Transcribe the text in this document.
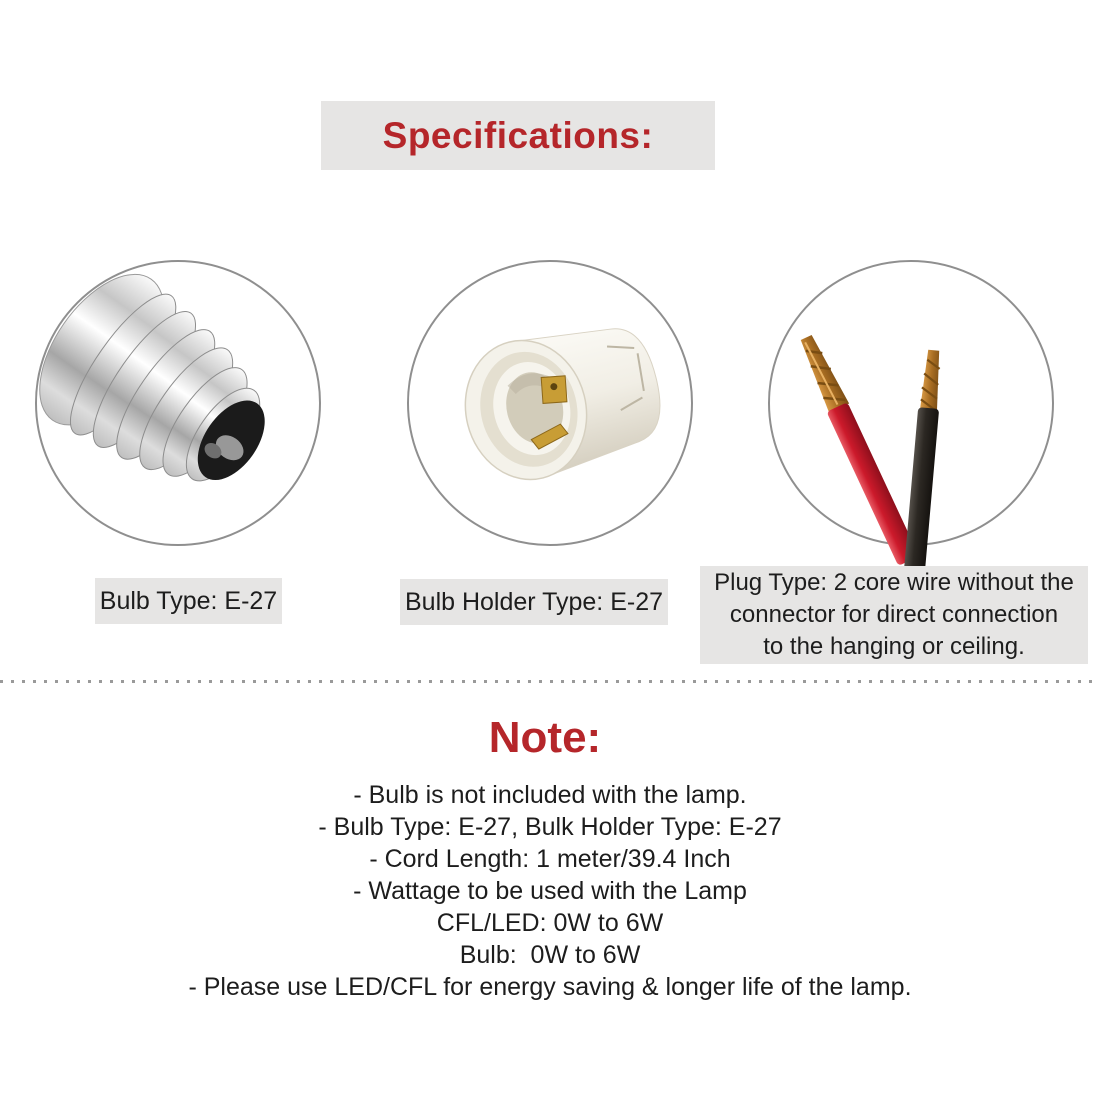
Specifications:
Bulb Type: E-27	Bulb Holder Type: E-27
Plug Type: 2 core wire without the
connector for direct connection
to the hanging or ceiling.
Note:
- Bulb is not included with the lamp.
- Bulb Type: E-27, Bulk Holder Type: E-27
- Cord Length: 1 meter/39.4 Inch
- Wattage to be used with the Lamp
CFL/LED: 0W to 6W
Bulb:  0W to 6W
- Please use LED/CFL for energy saving & longer life of the lamp.
